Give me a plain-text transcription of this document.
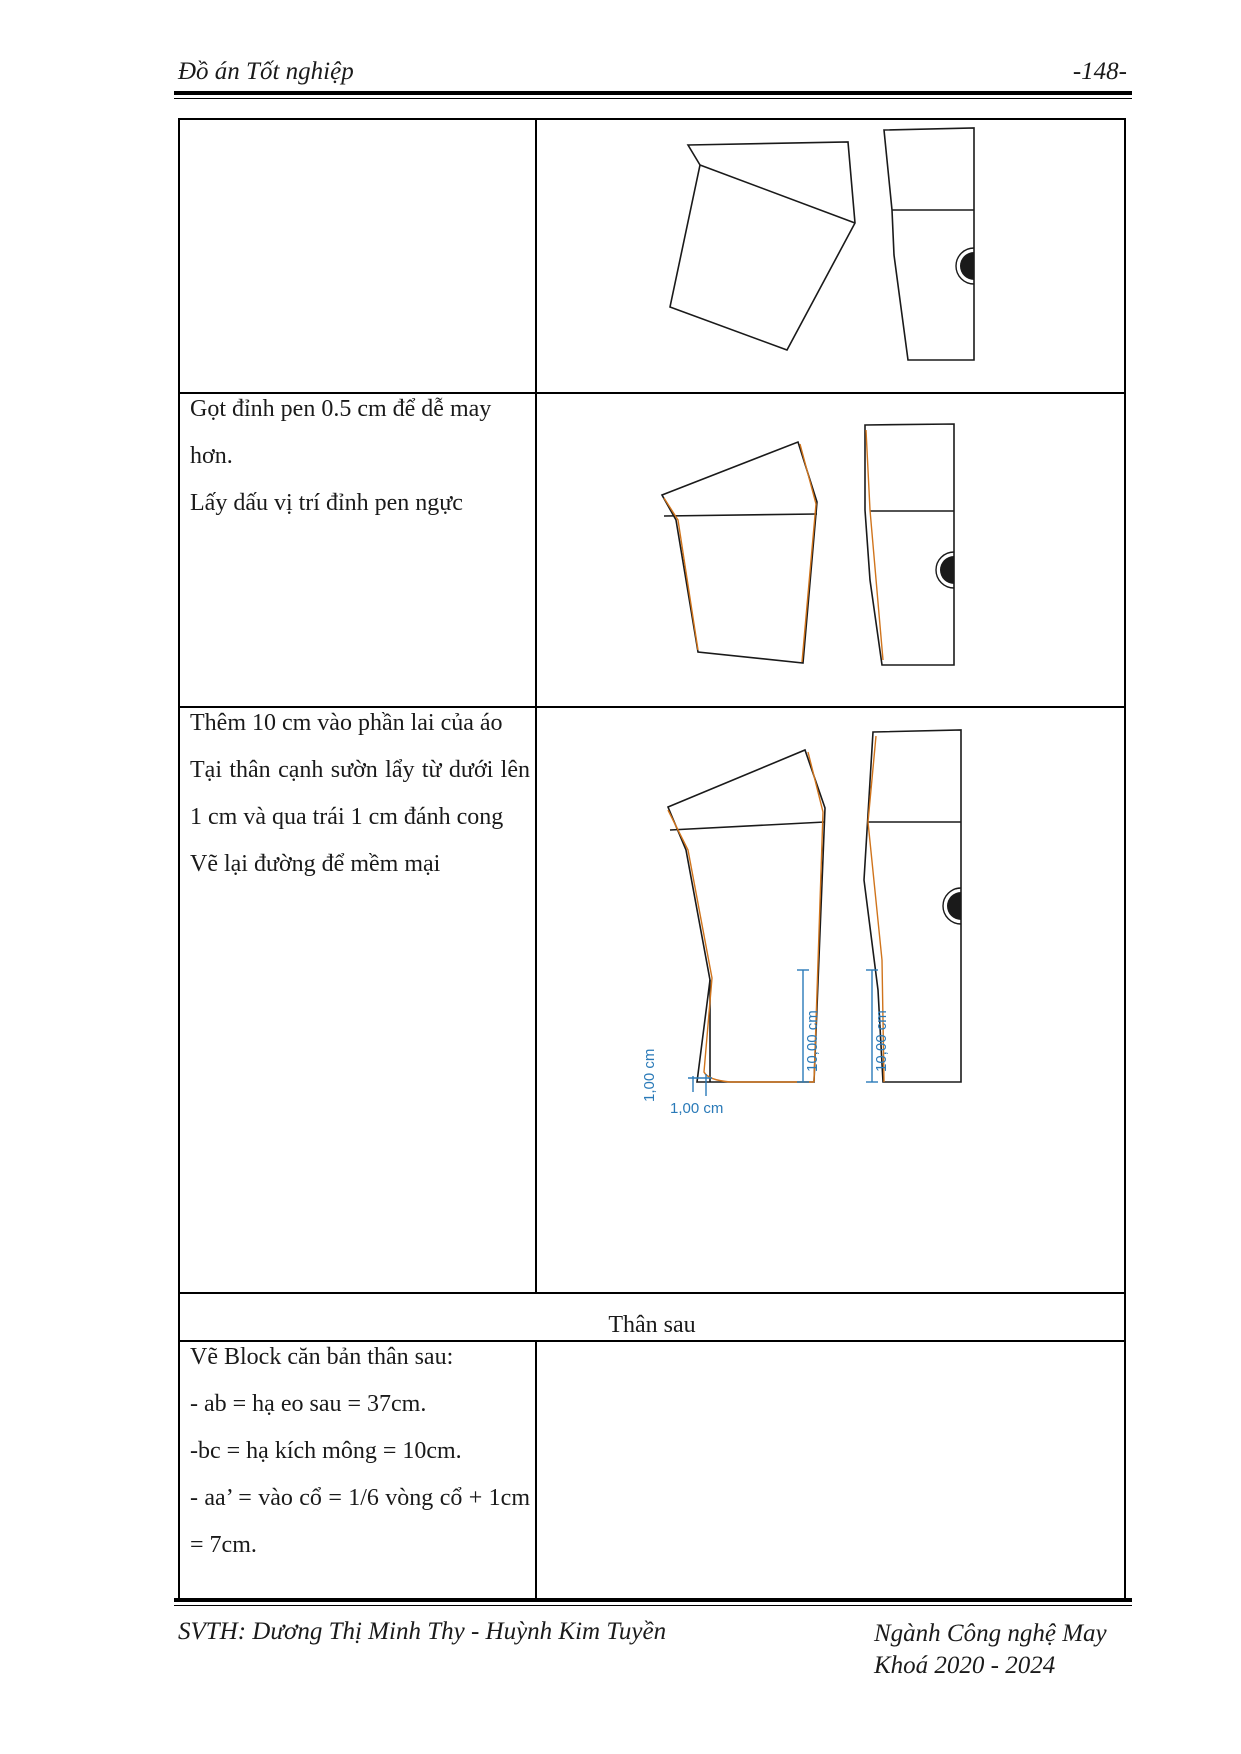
Đồ án Tốt nghiệp	-148-

Gọt đỉnh pen 0.5 cm để dễ may hơn.

Lấy dấu vị trí đỉnh pen ngực

Thêm 10 cm vào phần lai của áo

Tại thân cạnh sườn lẩy từ dưới lên 1 cm và qua trái 1 cm đánh cong

Vẽ lại đường để mềm mại

Thân sau

Vẽ Block căn bản thân sau:

- ab = hạ eo sau = 37cm.

-bc = hạ kích mông = 10cm.

- aa’ = vào cổ = 1/6 vòng cổ + 1cm = 7cm.

1,00 cm
1,00 cm
10,00 cm	10,00 cm
SVTH: Dương Thị Minh Thy - Huỳnh Kim Tuyền	Ngành Công nghệ May
Khoá 2020 - 2024
